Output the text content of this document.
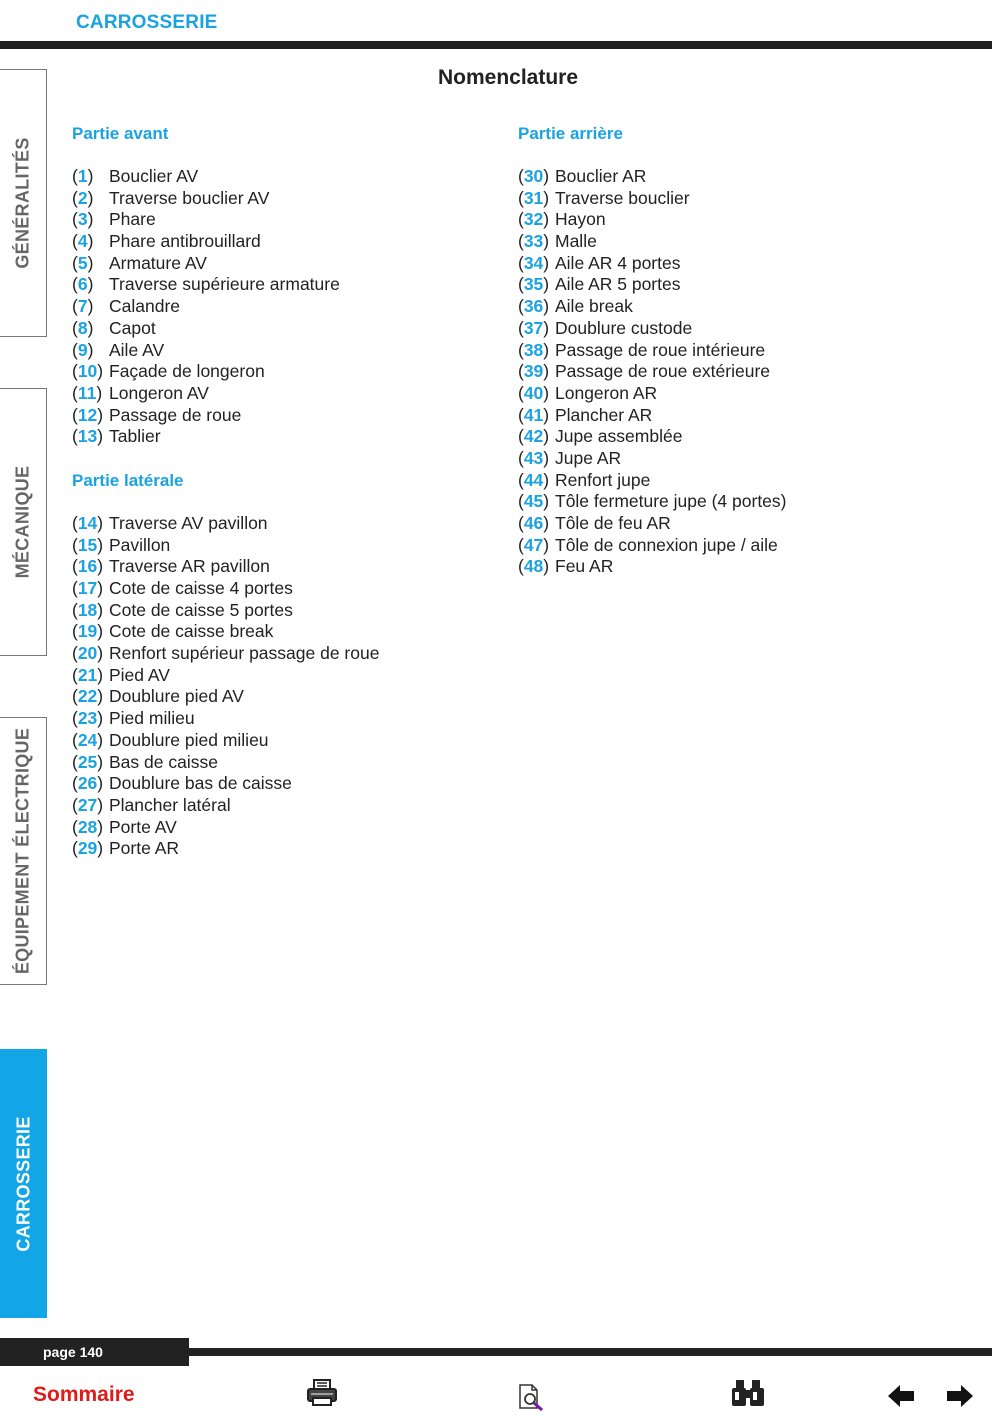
CARROSSERIE
GÉNÉRALITÉS
MÉCANIQUE
ÉQUIPEMENT ÉLECTRIQUE
CARROSSERIE
Nomenclature
Partie avant
(1) Bouclier AV
(2) Traverse bouclier AV
(3) Phare
(4) Phare antibrouillard
(5) Armature AV
(6) Traverse supérieure armature
(7) Calandre
(8) Capot
(9) Aile AV
(10) Façade de longeron
(11) Longeron AV
(12) Passage de roue
(13) Tablier
Partie latérale
(14) Traverse AV pavillon
(15) Pavillon
(16) Traverse AR pavillon
(17) Cote de caisse 4 portes
(18) Cote de caisse 5 portes
(19) Cote de caisse break
(20) Renfort supérieur passage de roue
(21) Pied AV
(22) Doublure pied AV
(23) Pied milieu
(24) Doublure pied milieu
(25) Bas de caisse
(26) Doublure bas de caisse
(27) Plancher latéral
(28) Porte AV
(29) Porte AR
Partie arrière
(30) Bouclier AR
(31) Traverse bouclier
(32) Hayon
(33) Malle
(34) Aile AR 4 portes
(35) Aile AR 5 portes
(36) Aile break
(37) Doublure custode
(38) Passage de roue intérieure
(39) Passage de roue extérieure
(40) Longeron AR
(41) Plancher AR
(42) Jupe assemblée
(43) Jupe AR
(44) Renfort jupe
(45) Tôle fermeture jupe (4 portes)
(46) Tôle de feu AR
(47) Tôle de connexion jupe / aile
(48) Feu AR
page 140
Sommaire
